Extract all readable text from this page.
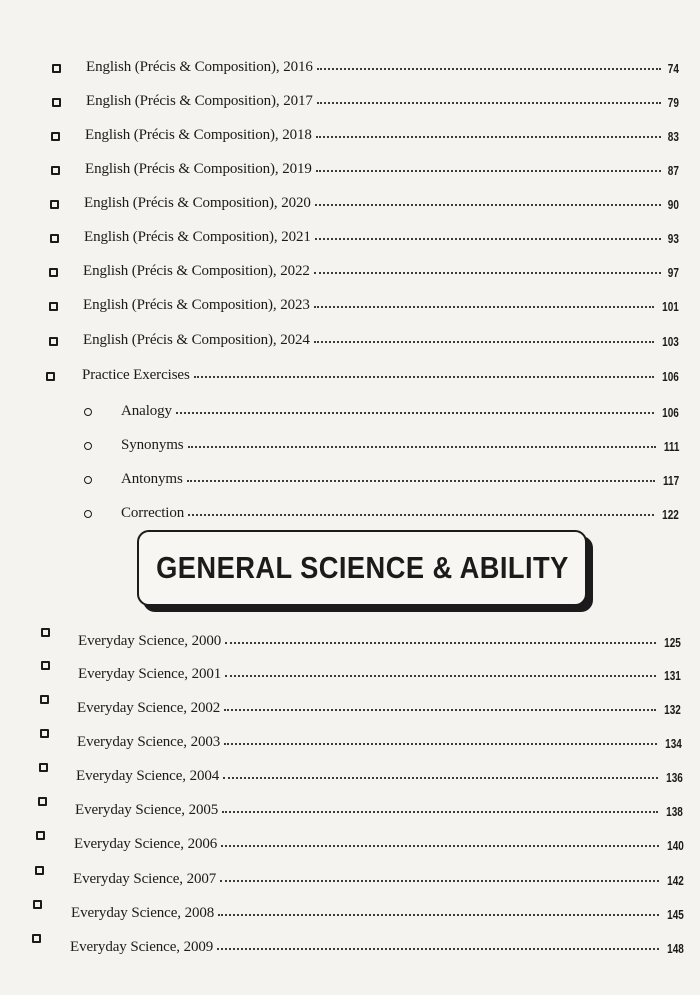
English (Précis & Composition), 2016	74
English (Précis & Composition), 2017	79
English (Précis & Composition), 2018	83
English (Précis & Composition), 2019	87
English (Précis & Composition), 2020	90
English (Précis & Composition), 2021	93
English (Précis & Composition), 2022	97
English (Précis & Composition), 2023	101
English (Précis & Composition), 2024	103
Practice Exercises	106
Analogy	106
Synonyms	111
Antonyms	117
Correction	122
GENERAL SCIENCE & ABILITY
Everyday Science, 2000	125
Everyday Science, 2001	131
Everyday Science, 2002	132
Everyday Science, 2003	134
Everyday Science, 2004	136
Everyday Science, 2005	138
Everyday Science, 2006	140
Everyday Science, 2007	142
Everyday Science, 2008	145
Everyday Science, 2009	148
